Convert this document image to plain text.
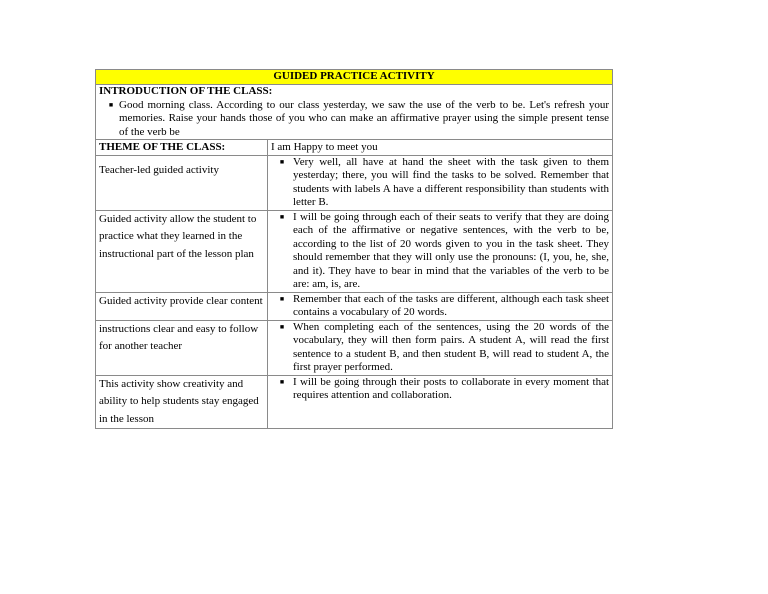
GUIDED PRACTICE ACTIVITY	

INTRODUCTION OF THE CLASS:
■ Good morning class. According to our class yesterday, we saw the use of the verb to be. Let's refresh your memories. Raise your hands those of you who can make an affirmative prayer using the simple present tense of the verb be	

THEME OF THE CLASS:	I am Happy to meet you
Teacher-led guided activity	■ Very well, all have at hand the sheet with the task given to them yesterday; there, you will find the tasks to be solved. Remember that students with labels A have a different responsibility than students with letter B.

Guided activity allow the student to practice what they learned in the instructional part of the lesson plan	■ I will be going through each of their seats to verify that they are doing each of the affirmative or negative sentences, with the verb to be, according to the list of 20 words given to you in the task sheet. They should remember that they will only use the pronouns: (I, you, he, she, and it). They have to bear in mind that the variables of the verb to be are: am, is, are.

Guided activity provide clear content	■ Remember that each of the tasks are different, although each task sheet contains a vocabulary of 20 words.

instructions clear and easy to follow for another teacher	■ When completing each of the sentences, using the 20 words of the vocabulary, they will then form pairs. A student A, will read the first sentence to a student B, and then student B, will read to student A, the first prayer performed.

This activity show creativity and ability to help students stay engaged in the lesson	■ I will be going through their posts to collaborate in every moment that requires attention and collaboration.
